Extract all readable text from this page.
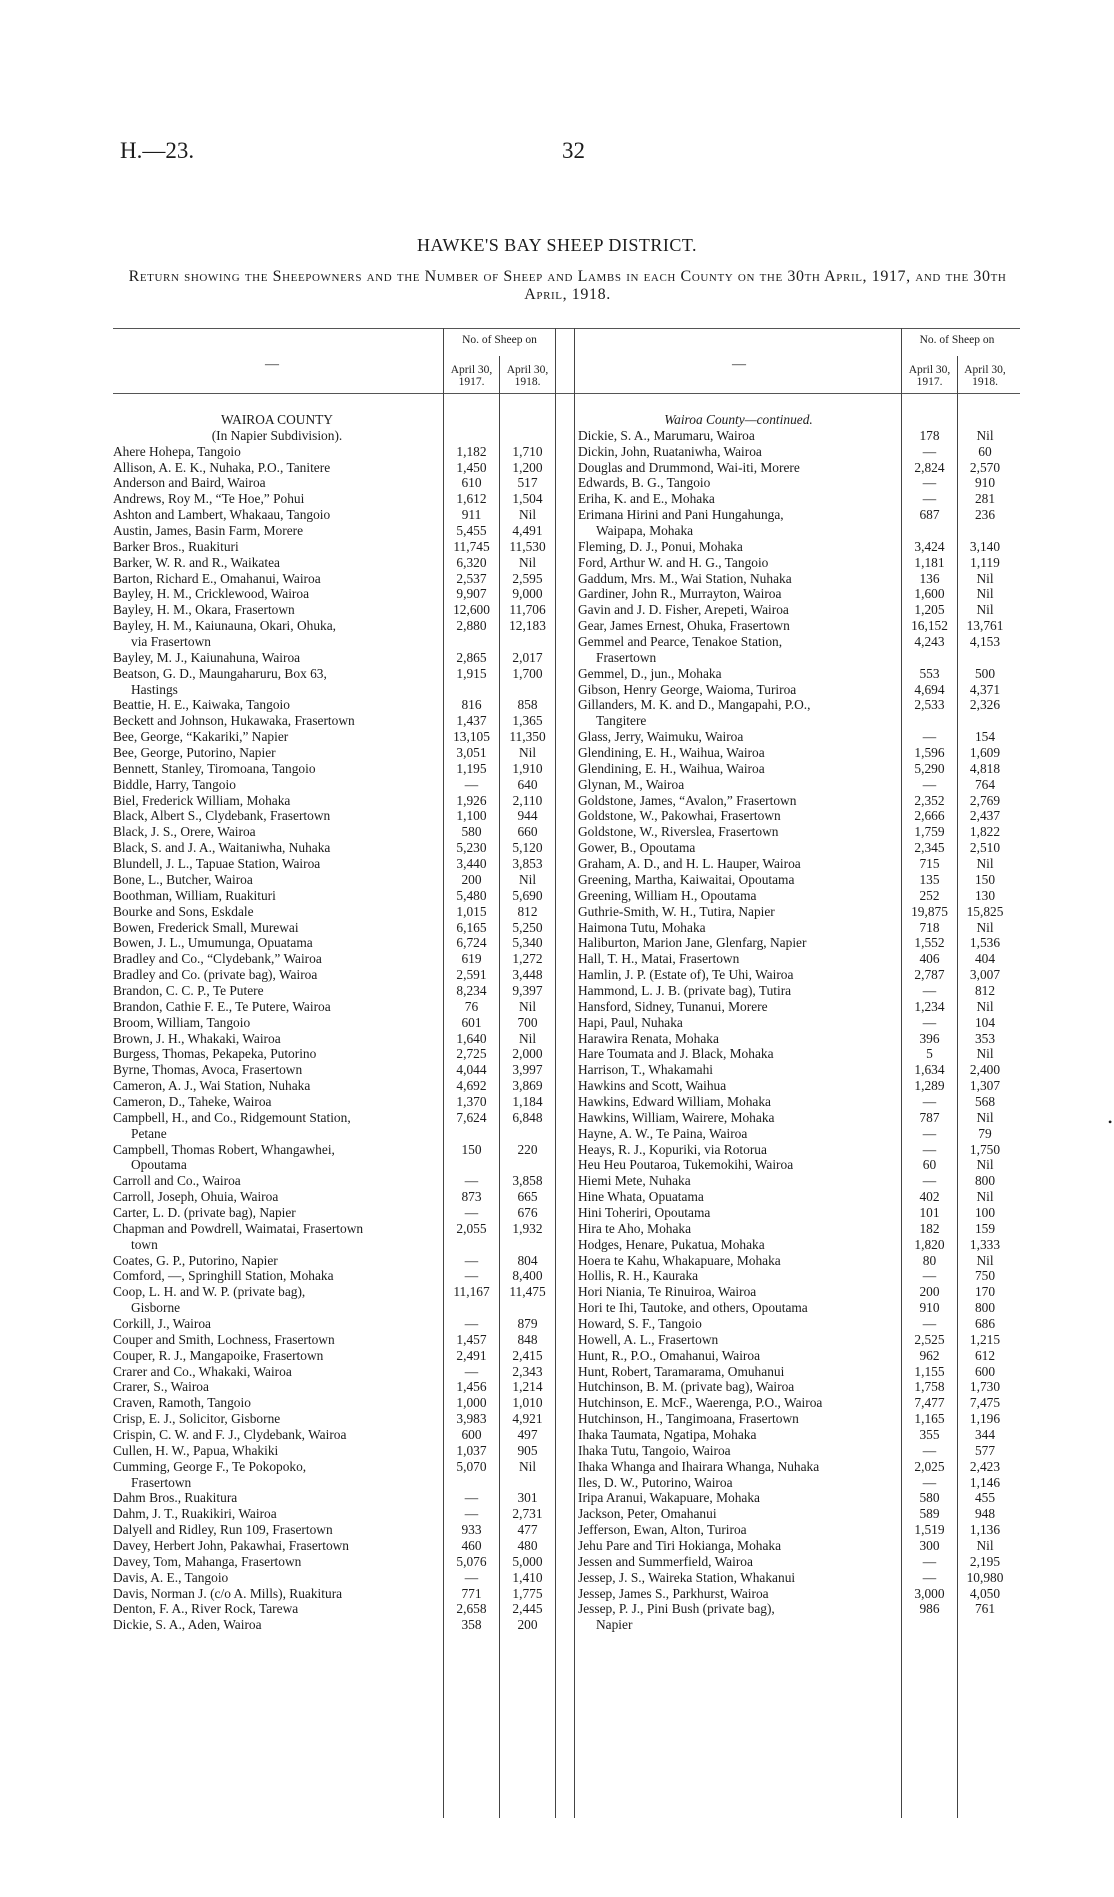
H.—23.	32
HAWKE'S BAY SHEEP DISTRICT.
Return showing the Sheepowners and the Number of Sheep and Lambs in each County on the 30th April, 1917, and the 30th April, 1918.
—
No. of Sheep on
April 30, 1917.
April 30, 1918.
WAIROA COUNTY
(In Napier Subdivision).
Ahere Hohepa, Tangoio	1,182	1,710
Allison, A. E. K., Nuhaka, P.O., Tanitere	1,450	1,200
Anderson and Baird, Wairoa	610	517
Andrews, Roy M., “Te Hoe,” Pohui	1,612	1,504
Ashton and Lambert, Whakaau, Tangoio	911	Nil
Austin, James, Basin Farm, Morere	5,455	4,491
Barker Bros., Ruakituri	11,745	11,530
Barker, W. R. and R., Waikatea	6,320	Nil
Barton, Richard E., Omahanui, Wairoa	2,537	2,595
Bayley, H. M., Cricklewood, Wairoa	9,907	9,000
Bayley, H. M., Okara, Frasertown	12,600	11,706
Bayley, H. M., Kaiunauna, Okari, Ohuka,	2,880	12,183
via Frasertown
Bayley, M. J., Kaiunahuna, Wairoa	2,865	2,017
Beatson, G. D., Maungaharuru, Box 63,	1,915	1,700
Hastings
Beattie, H. E., Kaiwaka, Tangoio	816	858
Beckett and Johnson, Hukawaka, Frasertown	1,437	1,365
Bee, George, “Kakariki,” Napier	13,105	11,350
Bee, George, Putorino, Napier	3,051	Nil
Bennett, Stanley, Tiromoana, Tangoio	1,195	1,910
Biddle, Harry, Tangoio	—	640
Biel, Frederick William, Mohaka	1,926	2,110
Black, Albert S., Clydebank, Frasertown	1,100	944
Black, J. S., Orere, Wairoa	580	660
Black, S. and J. A., Waitaniwha, Nuhaka	5,230	5,120
Blundell, J. L., Tapuae Station, Wairoa	3,440	3,853
Bone, L., Butcher, Wairoa	200	Nil
Boothman, William, Ruakituri	5,480	5,690
Bourke and Sons, Eskdale	1,015	812
Bowen, Frederick Small, Murewai	6,165	5,250
Bowen, J. L., Umumunga, Opuatama	6,724	5,340
Bradley and Co., “Clydebank,” Wairoa	619	1,272
Bradley and Co. (private bag), Wairoa	2,591	3,448
Brandon, C. C. P., Te Putere	8,234	9,397
Brandon, Cathie F. E., Te Putere, Wairoa	76	Nil
Broom, William, Tangoio	601	700
Brown, J. H., Whakaki, Wairoa	1,640	Nil
Burgess, Thomas, Pekapeka, Putorino	2,725	2,000
Byrne, Thomas, Avoca, Frasertown	4,044	3,997
Cameron, A. J., Wai Station, Nuhaka	4,692	3,869
Cameron, D., Taheke, Wairoa	1,370	1,184
Campbell, H., and Co., Ridgemount Station,	7,624	6,848
Petane
Campbell, Thomas Robert, Whangawhei,	150	220
Opoutama
Carroll and Co., Wairoa	—	3,858
Carroll, Joseph, Ohuia, Wairoa	873	665
Carter, L. D. (private bag), Napier	—	676
Chapman and Powdrell, Waimatai, Frasertown	2,055	1,932
town
Coates, G. P., Putorino, Napier	—	804
Comford, —, Springhill Station, Mohaka	—	8,400
Coop, L. H. and W. P. (private bag),	11,167	11,475
Gisborne
Corkill, J., Wairoa	—	879
Couper and Smith, Lochness, Frasertown	1,457	848
Couper, R. J., Mangapoike, Frasertown	2,491	2,415
Crarer and Co., Whakaki, Wairoa	—	2,343
Crarer, S., Wairoa	1,456	1,214
Craven, Ramoth, Tangoio	1,000	1,010
Crisp, E. J., Solicitor, Gisborne	3,983	4,921
Crispin, C. W. and F. J., Clydebank, Wairoa	600	497
Cullen, H. W., Papua, Whakiki	1,037	905
Cumming, George F., Te Pokopoko,	5,070	Nil
Frasertown
Dahm Bros., Ruakitura	—	301
Dahm, J. T., Ruakikiri, Wairoa	—	2,731
Dalyell and Ridley, Run 109, Frasertown	933	477
Davey, Herbert John, Pakawhai, Frasertown	460	480
Davey, Tom, Mahanga, Frasertown	5,076	5,000
Davis, A. E., Tangoio	—	1,410
Davis, Norman J. (c/o A. Mills), Ruakitura	771	1,775
Denton, F. A., River Rock, Tarewa	2,658	2,445
Dickie, S. A., Aden, Wairoa	358	200
—
No. of Sheep on
April 30, 1917.
April 30, 1918.
Wairoa County—continued.
Dickie, S. A., Marumaru, Wairoa	178	Nil
Dickin, John, Ruataniwha, Wairoa	—	60
Douglas and Drummond, Wai-iti, Morere	2,824	2,570
Edwards, B. G., Tangoio	—	910
Eriha, K. and E., Mohaka	—	281
Erimana Hirini and Pani Hungahunga,	687	236
Waipapa, Mohaka
Fleming, D. J., Ponui, Mohaka	3,424	3,140
Ford, Arthur W. and H. G., Tangoio	1,181	1,119
Gaddum, Mrs. M., Wai Station, Nuhaka	136	Nil
Gardiner, John R., Murrayton, Wairoa	1,600	Nil
Gavin and J. D. Fisher, Arepeti, Wairoa	1,205	Nil
Gear, James Ernest, Ohuka, Frasertown	16,152	13,761
Gemmel and Pearce, Tenakoe Station,	4,243	4,153
Frasertown
Gemmel, D., jun., Mohaka	553	500
Gibson, Henry George, Waioma, Turiroa	4,694	4,371
Gillanders, M. K. and D., Mangapahi, P.O.,	2,533	2,326
Tangitere
Glass, Jerry, Waimuku, Wairoa	—	154
Glendining, E. H., Waihua, Wairoa	1,596	1,609
Glendining, E. H., Waihua, Wairoa	5,290	4,818
Glynan, M., Wairoa	—	764
Goldstone, James, “Avalon,” Frasertown	2,352	2,769
Goldstone, W., Pakowhai, Frasertown	2,666	2,437
Goldstone, W., Riverslea, Frasertown	1,759	1,822
Gower, B., Opoutama	2,345	2,510
Graham, A. D., and H. L. Hauper, Wairoa	715	Nil
Greening, Martha, Kaiwaitai, Opoutama	135	150
Greening, William H., Opoutama	252	130
Guthrie-Smith, W. H., Tutira, Napier	19,875	15,825
Haimona Tutu, Mohaka	718	Nil
Haliburton, Marion Jane, Glenfarg, Napier	1,552	1,536
Hall, T. H., Matai, Frasertown	406	404
Hamlin, J. P. (Estate of), Te Uhi, Wairoa	2,787	3,007
Hammond, L. J. B. (private bag), Tutira	—	812
Hansford, Sidney, Tunanui, Morere	1,234	Nil
Hapi, Paul, Nuhaka	—	104
Harawira Renata, Mohaka	396	353
Hare Toumata and J. Black, Mohaka	5	Nil
Harrison, T., Whakamahi	1,634	2,400
Hawkins and Scott, Waihua	1,289	1,307
Hawkins, Edward William, Mohaka	—	568
Hawkins, William, Wairere, Mohaka	787	Nil
Hayne, A. W., Te Paina, Wairoa	—	79
Heays, R. J., Kopuriki, via Rotorua	—	1,750
Heu Heu Poutaroa, Tukemokihi, Wairoa	60	Nil
Hiemi Mete, Nuhaka	—	800
Hine Whata, Opuatama	402	Nil
Hini Toheriri, Opoutama	101	100
Hira te Aho, Mohaka	182	159
Hodges, Henare, Pukatua, Mohaka	1,820	1,333
Hoera te Kahu, Whakapuare, Mohaka	80	Nil
Hollis, R. H., Kauraka	—	750
Hori Niania, Te Rinuiroa, Wairoa	200	170
Hori te Ihi, Tautoke, and others, Opoutama	910	800
Howard, S. F., Tangoio	—	686
Howell, A. L., Frasertown	2,525	1,215
Hunt, R., P.O., Omahanui, Wairoa	962	612
Hunt, Robert, Taramarama, Omuhanui	1,155	600
Hutchinson, B. M. (private bag), Wairoa	1,758	1,730
Hutchinson, E. McF., Waerenga, P.O., Wairoa	7,477	7,475
Hutchinson, H., Tangimoana, Frasertown	1,165	1,196
Ihaka Taumata, Ngatipa, Mohaka	355	344
Ihaka Tutu, Tangoio, Wairoa	—	577
Ihaka Whanga and Ihairara Whanga, Nuhaka	2,025	2,423
Iles, D. W., Putorino, Wairoa	—	1,146
Iripa Aranui, Wakapuare, Mohaka	580	455
Jackson, Peter, Omahanui	589	948
Jefferson, Ewan, Alton, Turiroa	1,519	1,136
Jehu Pare and Tiri Hokianga, Mohaka	300	Nil
Jessen and Summerfield, Wairoa	—	2,195
Jessep, J. S., Waireka Station, Whakanui	—	10,980
Jessep, James S., Parkhurst, Wairoa	3,000	4,050
Jessep, P. J., Pini Bush (private bag),	986	761
Napier
•
